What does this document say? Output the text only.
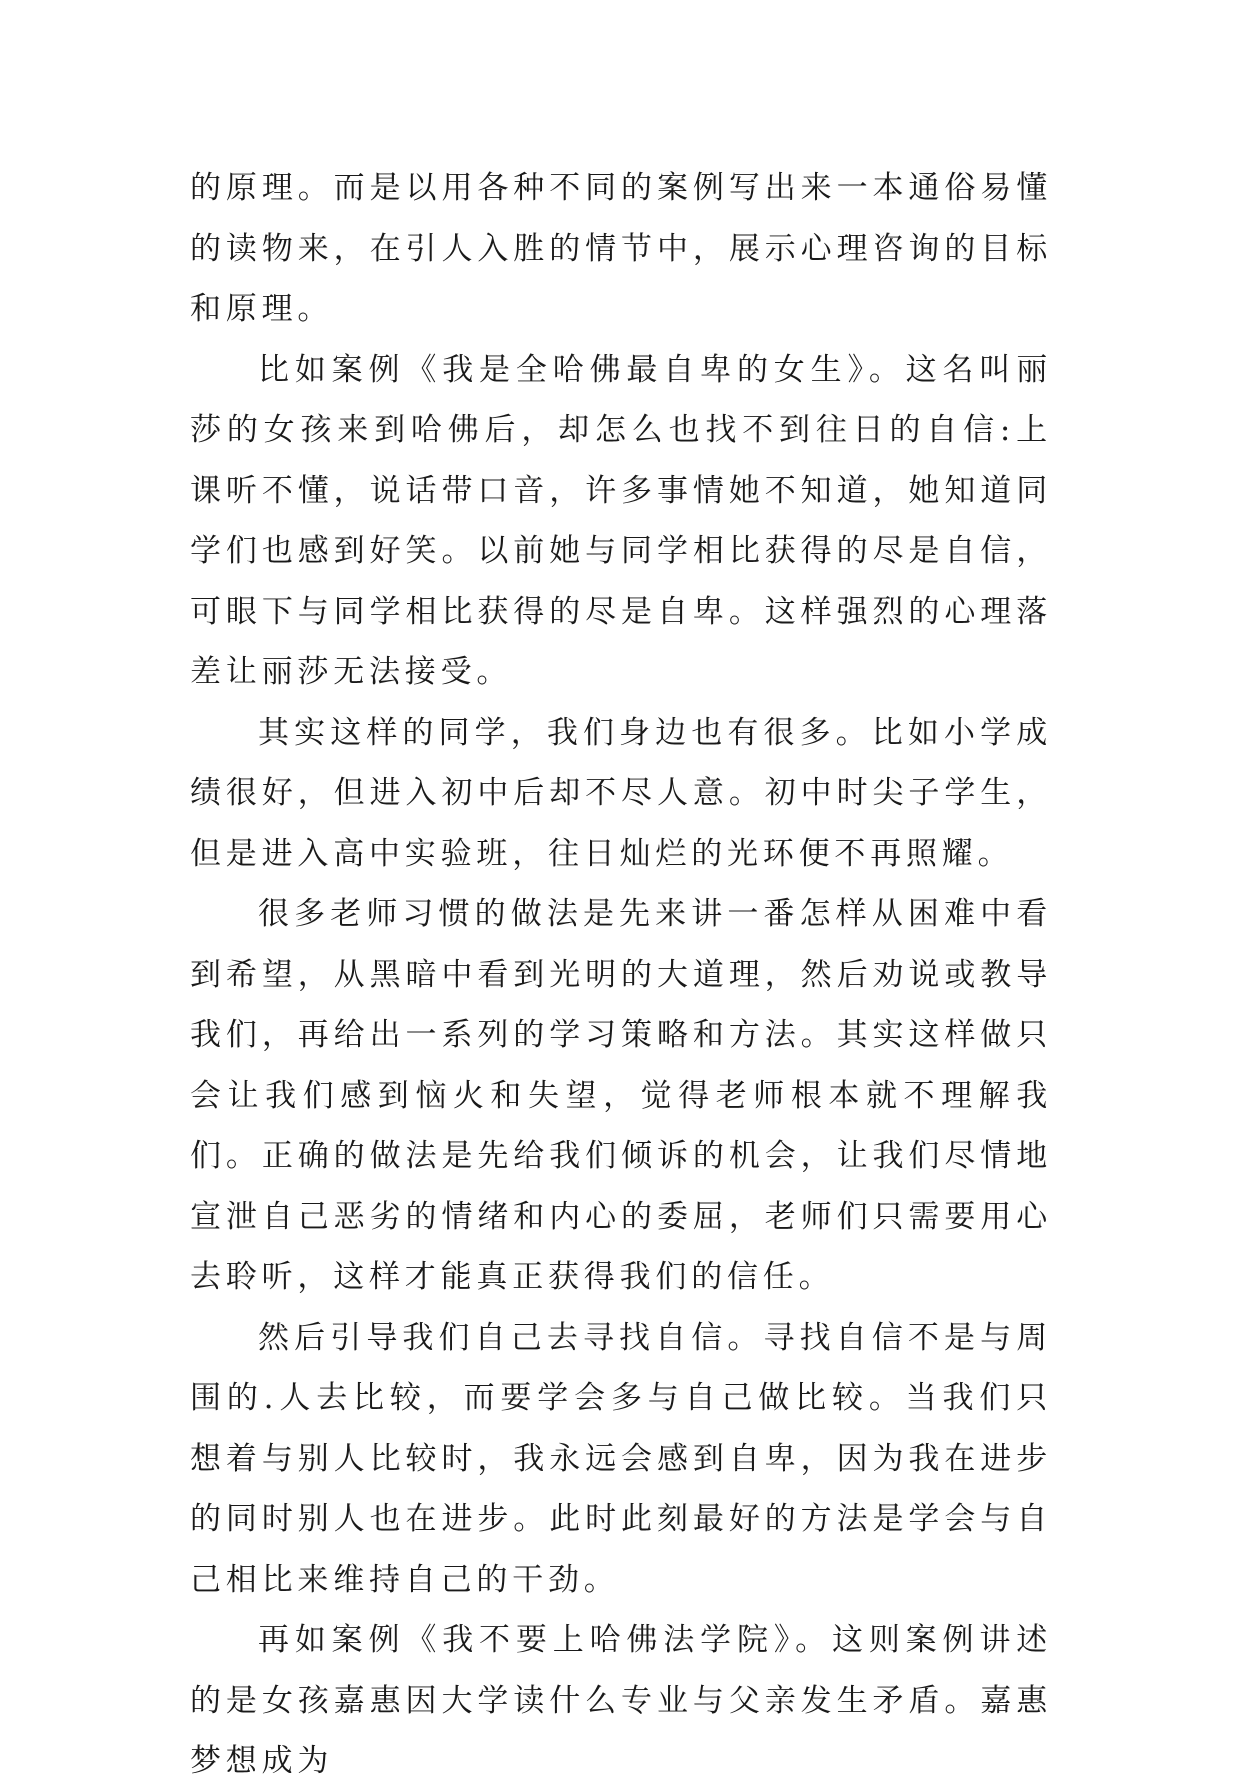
的原理。而是以用各种不同的案例写出来一本通俗易懂的读物来，在引人入胜的情节中，展示心理咨询的目标和原理。

比如案例《我是全哈佛最自卑的女生》。这名叫丽莎的女孩来到哈佛后，却怎么也找不到往日的自信:上课听不懂，说话带口音，许多事情她不知道，她知道同学们也感到好笑。以前她与同学相比获得的尽是自信，可眼下与同学相比获得的尽是自卑。这样强烈的心理落差让丽莎无法接受。

其实这样的同学，我们身边也有很多。比如小学成绩很好，但进入初中后却不尽人意。初中时尖子学生，但是进入高中实验班，往日灿烂的光环便不再照耀。

很多老师习惯的做法是先来讲一番怎样从困难中看到希望，从黑暗中看到光明的大道理，然后劝说或教导我们，再给出一系列的学习策略和方法。其实这样做只会让我们感到恼火和失望，觉得老师根本就不理解我们。正确的做法是先给我们倾诉的机会，让我们尽情地宣泄自己恶劣的情绪和内心的委屈，老师们只需要用心去聆听，这样才能真正获得我们的信任。

然后引导我们自己去寻找自信。寻找自信不是与周围的.人去比较，而要学会多与自己做比较。当我们只想着与别人比较时，我永远会感到自卑，因为我在进步的同时别人也在进步。此时此刻最好的方法是学会与自己相比来维持自己的干劲。

再如案例《我不要上哈佛法学院》。这则案例讲述的是女孩嘉惠因大学读什么专业与父亲发生矛盾。嘉惠梦想成为
